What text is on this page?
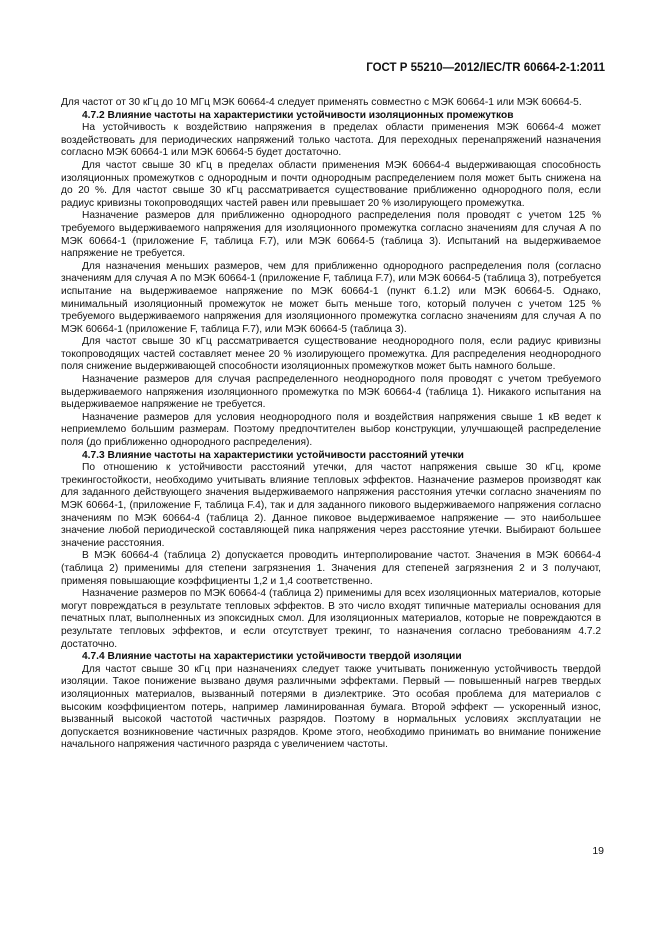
ГОСТ Р 55210—2012/IEC/TR 60664-2-1:2011

Для частот от 30 кГц до 10 МГц МЭК 60664-4 следует применять совместно с МЭК 60664-1 или МЭК 60664-5.

4.7.2 Влияние частоты на характеристики устойчивости изоляционных промежутков

На устойчивость к воздействию напряжения в пределах области применения МЭК 60664-4 может воздействовать для периодических напряжений только частота. Для переходных перенапряжений назначения согласно МЭК 60664-1 или МЭК 60664-5 будет достаточно.

Для частот свыше 30 кГц в пределах области применения МЭК 60664-4 выдерживающая способность изоляционных промежутков с однородным и почти однородным распределением поля может быть снижена на до 20 %. Для частот свыше 30 кГц рассматривается существование приближенно однородного поля, если радиус кривизны токопроводящих частей равен или превышает 20 % изолирующего промежутка.

Назначение размеров для приближенно однородного распределения поля проводят с учетом 125 % требуемого выдерживаемого напряжения для изоляционного промежутка согласно значениям для случая А по МЭК 60664-1 (приложение F, таблица F.7), или МЭК 60664-5 (таблица 3). Испытаний на выдерживаемое напряжение не требуется.

Для назначения меньших размеров, чем для приближенно однородного распределения поля (согласно значениям для случая А по МЭК 60664-1 (приложение F, таблица F.7), или МЭК 60664-5 (таблица 3), потребуется испытание на выдерживаемое напряжение по МЭК 60664-1 (пункт 6.1.2) или МЭК 60664-5. Однако, минимальный изоляционный промежуток не может быть меньше того, который получен с учетом 125 % требуемого выдерживаемого напряжения для изоляционного промежутка согласно значениям для случая А по МЭК 60664-1 (приложение F, таблица F.7), или МЭК 60664-5 (таблица 3).

Для частот свыше 30 кГц рассматривается существование неоднородного поля, если радиус кривизны токопроводящих частей составляет менее 20 % изолирующего промежутка. Для распределения неоднородного поля снижение выдерживающей способности изоляционных промежутков может быть намного больше.

Назначение размеров для случая распределенного неоднородного поля проводят с учетом требуемого выдерживаемого напряжения изоляционного промежутка по МЭК 60664-4 (таблица 1). Никакого испытания на выдерживаемое напряжение не требуется.

Назначение размеров для условия неоднородного поля и воздействия напряжения свыше 1 кВ ведет к неприемлемо большим размерам. Поэтому предпочтителен выбор конструкции, улучшающей распределение поля (до приближенно однородного распределения).

4.7.3 Влияние частоты на характеристики устойчивости расстояний утечки

По отношению к устойчивости расстояний утечки, для частот напряжения свыше 30 кГц, кроме трекингостойкости, необходимо учитывать влияние тепловых эффектов. Назначение размеров производят как для заданного действующего значения выдерживаемого напряжения расстояния утечки согласно значениям по МЭК 60664-1, (приложение F, таблица F.4), так и для заданного пикового выдерживаемого напряжения согласно значениям по МЭК 60664-4 (таблица 2). Данное пиковое выдерживаемое напряжение — это наибольшее значение любой периодической составляющей пика напряжения через расстояние утечки. Выбирают большее значение расстояния.

В МЭК 60664-4 (таблица 2) допускается проводить интерполирование частот. Значения в МЭК 60664-4 (таблица 2) применимы для степени загрязнения 1. Значения для степеней загрязнения 2 и 3 получают, применяя повышающие коэффициенты 1,2 и 1,4 соответственно.

Назначение размеров по МЭК 60664-4 (таблица 2) применимы для всех изоляционных материалов, которые могут повреждаться в результате тепловых эффектов. В это число входят типичные материалы основания для печатных плат, выполненных из эпоксидных смол. Для изоляционных материалов, которые не повреждаются в результате тепловых эффектов, и если отсутствует трекинг, то назначения согласно требованиям 4.7.2 достаточно.

4.7.4 Влияние частоты на характеристики устойчивости твердой изоляции

Для частот свыше 30 кГц при назначениях следует также учитывать пониженную устойчивость твердой изоляции. Такое понижение вызвано двумя различными эффектами. Первый — повышенный нагрев твердых изоляционных материалов, вызванный потерями в диэлектрике. Это особая проблема для материалов с высоким коэффициентом потерь, например ламинированная бумага. Второй эффект — ускоренный износ, вызванный высокой частотой частичных разрядов. Поэтому в нормальных условиях эксплуатации не допускается возникновение частичных разрядов. Кроме этого, необходимо принимать во внимание понижение начального напряжения частичного разряда с увеличением частоты.

19
